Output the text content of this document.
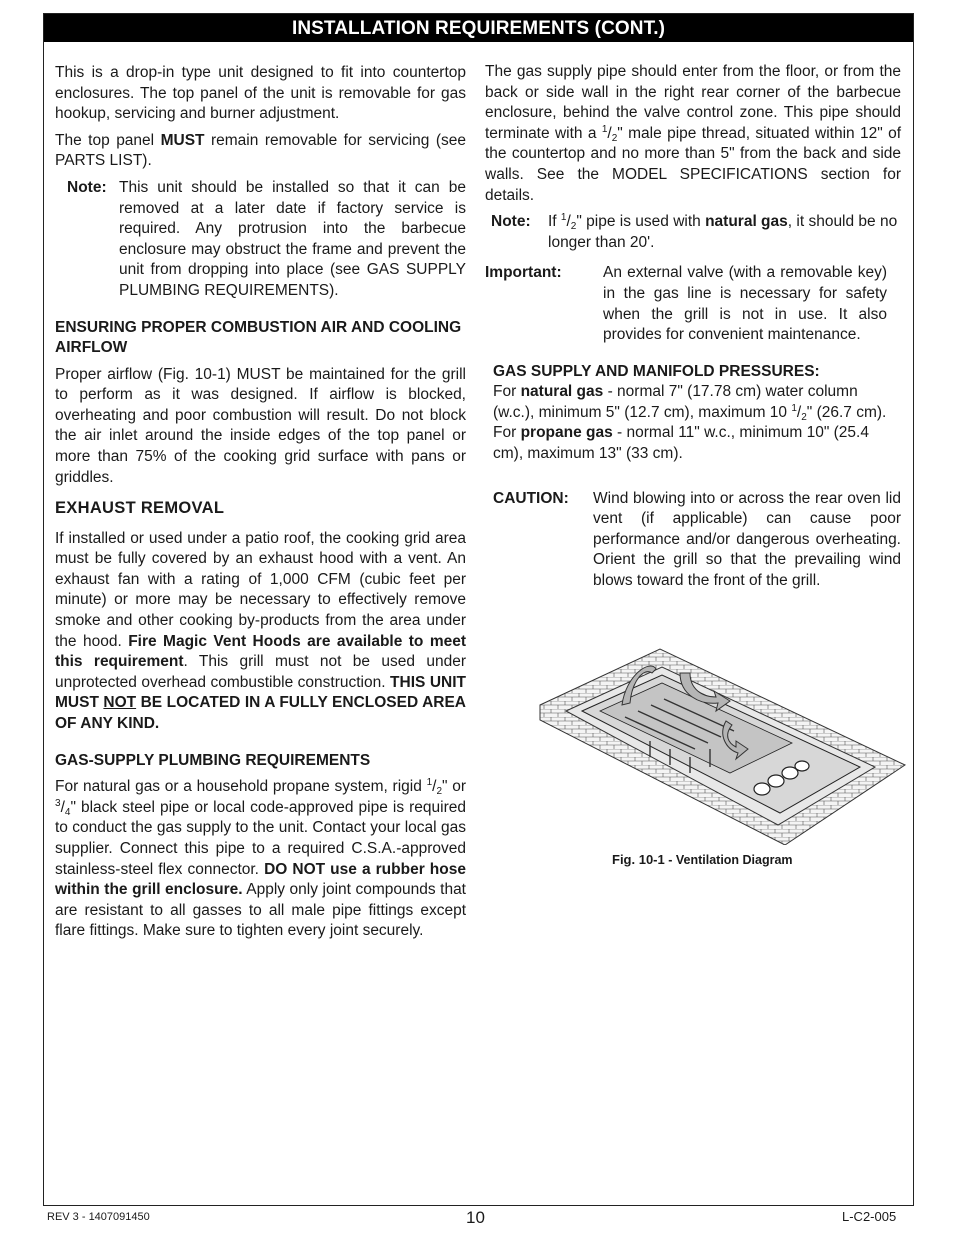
INSTALLATION REQUIREMENTS (CONT.)

This is a drop-in type unit designed to fit into countertop enclosures. The top panel of the unit is removable for gas hookup, servicing and burner adjustment.

The top panel MUST remain removable for servicing (see PARTS LIST).

Note: This unit should be installed so that it can be removed at a later date if factory service is required. Any protrusion into the barbecue enclosure may obstruct the frame and prevent the unit from dropping into place (see GAS SUPPLY PLUMBING REQUIREMENTS).

ENSURING PROPER COMBUSTION AIR AND COOLING AIRFLOW

Proper airflow (Fig. 10-1) MUST be maintained for the grill to perform as it was designed. If airflow is blocked, overheating and poor combustion will result. Do not block the air inlet around the inside edges of the top panel or more than 75% of the cooking grid surface with pans or griddles.

EXHAUST REMOVAL

If installed or used under a patio roof, the cooking grid area must be fully covered by an exhaust hood with a vent. An exhaust fan with a rating of 1,000 CFM (cubic feet per minute) or more may be necessary to effectively remove smoke and other cooking by-products from the area under the hood. Fire Magic Vent Hoods are available to meet this requirement. This grill must not be used under unprotected overhead combustible construction. THIS UNIT MUST NOT BE LOCATED IN A FULLY ENCLOSED AREA OF ANY KIND.

GAS-SUPPLY PLUMBING REQUIREMENTS

For natural gas or a household propane system, rigid $^1/_2$" or $^3/_4$" black steel pipe or local code-approved pipe is required to conduct the gas supply to the unit. Contact your local gas supplier. Connect this pipe to a required C.S.A.-approved stainless-steel flex connector. DO NOT use a rubber hose within the grill enclosure. Apply only joint compounds that are resistant to all gasses to all male pipe fittings except flare fittings. Make sure to tighten every joint securely.

The gas supply pipe should enter from the floor, or from the back or side wall in the right rear corner of the barbecue enclosure, behind the valve control zone. This pipe should terminate with a $^1/_2$" male pipe thread, situated within 12" of the countertop and no more than 5" from the back and side walls. See the MODEL SPECIFICATIONS section for details.

Note:	If $^1/_2$" pipe is used with natural gas, it should be no longer than 20'.
Important:	An external valve (with a removable key) in the gas line is necessary for safety when the grill is not in use. It also provides for convenient maintenance.

GAS SUPPLY AND MANIFOLD PRESSURES:

For natural gas - normal 7" (17.78 cm) water column (w.c.), minimum 5" (12.7 cm), maximum 10 $^1/_2$" (26.7 cm). For propane gas - normal 11" w.c., minimum 10" (25.4 cm), maximum 13" (33 cm).

CAUTION:	Wind blowing into or across the rear oven lid vent (if applicable) can cause poor performance and/or dangerous overheating. Orient the grill so that the prevailing wind blows toward the front of the grill.
Fig. 10-1 - Ventilation Diagram
REV 3 - 1407091450	10	L-C2-005
